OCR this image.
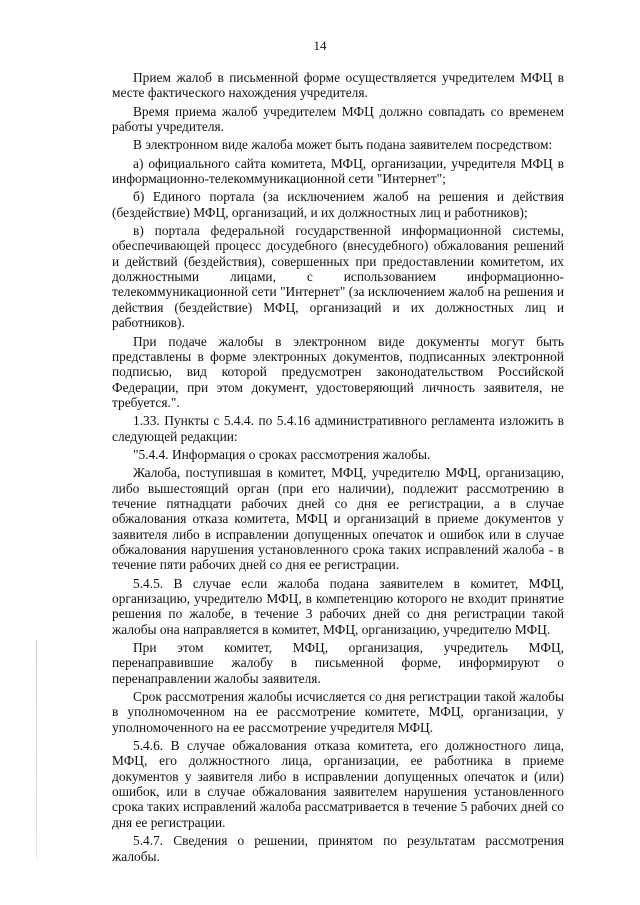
14

Прием жалоб в письменной форме осуществляется учредителем МФЦ в месте фактического нахождения учредителя.

Время приема жалоб учредителем МФЦ должно совпадать со временем работы учредителя.

В электронном виде жалоба может быть подана заявителем посредством:

а) официального сайта комитета, МФЦ, организации, учредителя МФЦ в информационно-телекоммуникационной сети "Интернет";

б) Единого портала (за исключением жалоб на решения и действия (бездействие) МФЦ, организаций, и их должностных лиц и работников);

в) портала федеральной государственной информационной системы, обеспечивающей процесс досудебного (внесудебного) обжалования решений и действий (бездействия), совершенных при предоставлении комитетом, их должностными лицами, с использованием информационно-телекоммуникационной сети "Интернет" (за исключением жалоб на решения и действия (бездействие) МФЦ, организаций и их должностных лиц и работников).

При подаче жалобы в электронном виде документы могут быть представлены в форме электронных документов, подписанных электронной подписью, вид которой предусмотрен законодательством Российской Федерации, при этом документ, удостоверяющий личность заявителя, не требуется.".

1.33. Пункты с 5.4.4. по 5.4.16 административного регламента изложить в следующей редакции:

"5.4.4. Информация о сроках рассмотрения жалобы.

Жалоба, поступившая в комитет, МФЦ, учредителю МФЦ, организацию, либо вышестоящий орган (при его наличии), подлежит рассмотрению в течение пятнадцати рабочих дней со дня ее регистрации, а в случае обжалования отказа комитета, МФЦ и организаций в приеме документов у заявителя либо в исправлении допущенных опечаток и ошибок или в случае обжалования нарушения установленного срока таких исправлений жалоба - в течение пяти рабочих дней со дня ее регистрации.

5.4.5. В случае если жалоба подана заявителем в комитет, МФЦ, организацию, учредителю МФЦ, в компетенцию которого не входит принятие решения по жалобе, в течение 3 рабочих дней со дня регистрации такой жалобы она направляется в комитет, МФЦ, организацию, учредителю МФЦ.

При этом комитет, МФЦ, организация, учредитель МФЦ, перенаправившие жалобу в письменной форме, информируют о перенаправлении жалобы заявителя.

Срок рассмотрения жалобы исчисляется со дня регистрации такой жалобы в уполномоченном на ее рассмотрение комитете, МФЦ, организации, у уполномоченного на ее рассмотрение учредителя МФЦ.

5.4.6. В случае обжалования отказа комитета, его должностного лица, МФЦ, его должностного лица, организации, ее работника в приеме документов у заявителя либо в исправлении допущенных опечаток и (или) ошибок, или в случае обжалования заявителем нарушения установленного срока таких исправлений жалоба рассматривается в течение 5 рабочих дней со дня ее регистрации.

5.4.7. Сведения о решении, принятом по результатам рассмотрения жалобы.
